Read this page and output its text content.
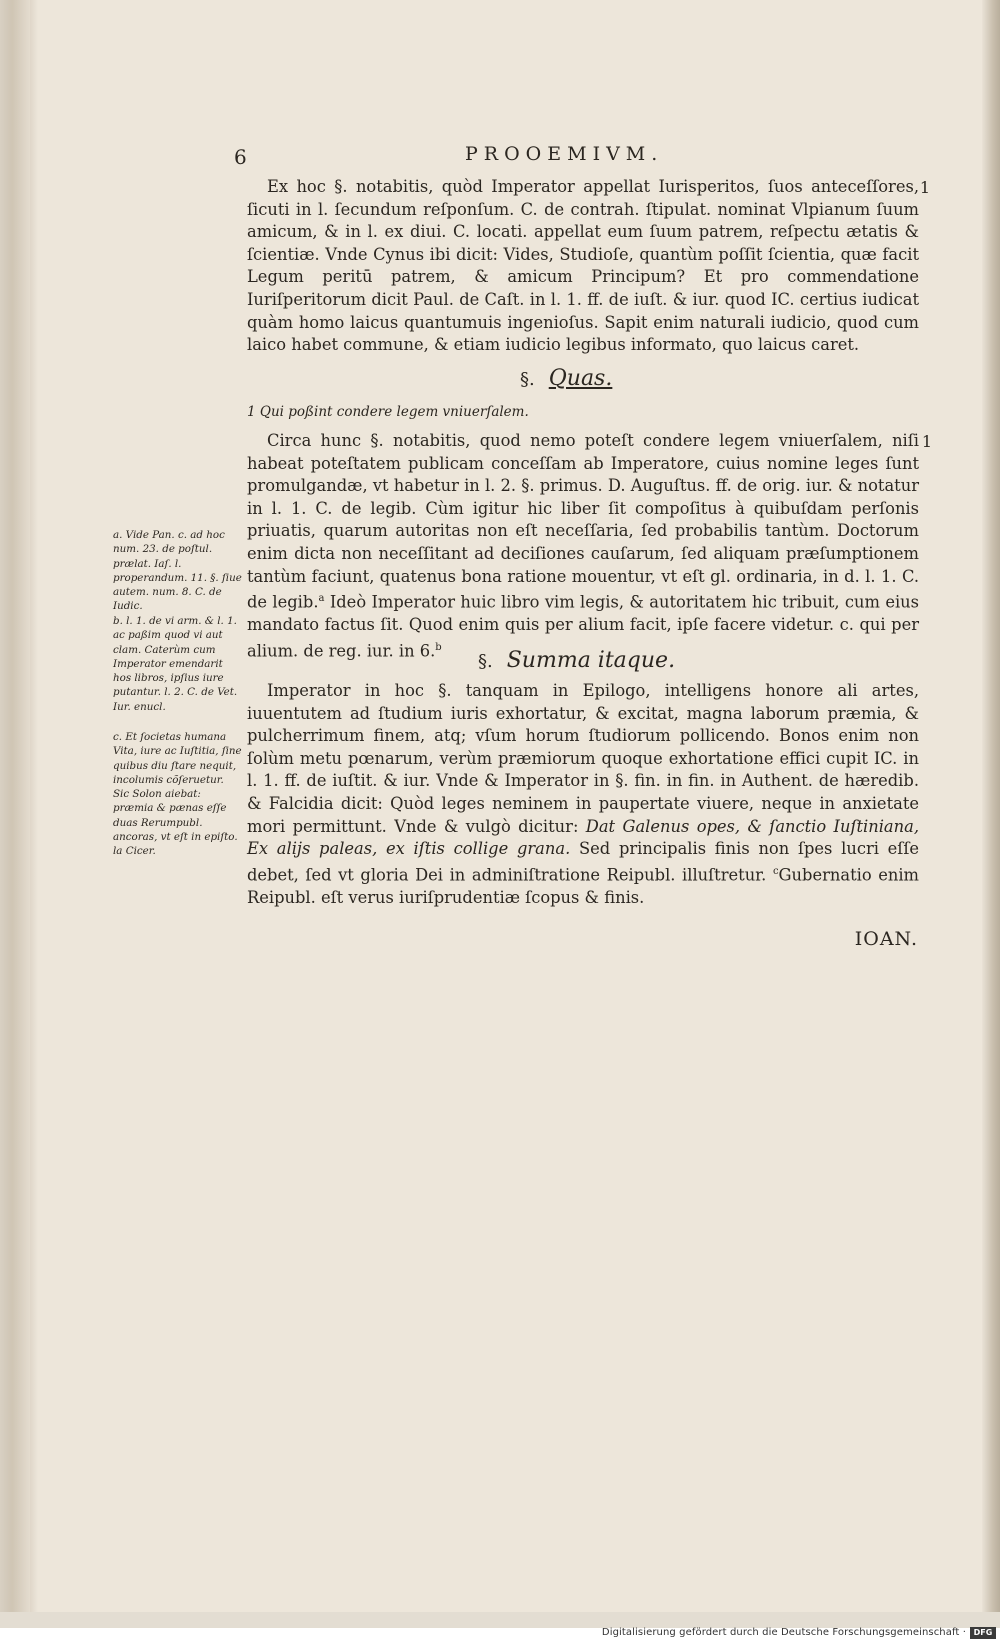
6	PROOEMIVM.

Ex hoc §. notabitis, quòd Imperator appellat Iurisperitos, ſuos anteceſſores, ſicuti in l. ſecundum reſponſum. C. de contrah. ſtipulat. nominat Vlpianum ſuum amicum, & in l. ex diui. C. locati. appellat eum ſuum patrem, reſpectu ætatis & ſcientiæ. Vnde Cynus ibi dicit: Vides, Studioſe, quantùm poſſit ſcientia, quæ facit Legum peritū patrem, & amicum Principum? Et pro commendatione Iuriſperitorum dicit Paul. de Caſt. in l. 1. ff. de iuſt. & iur. quod IC. certius iudicat quàm homo laicus quantumuis ingenioſus. Sapit enim naturali iudicio, quod cum laico habet commune, & etiam iudicio legibus informato, quo laicus caret.

1
§. Quas.
1 Qui poßint condere legem vniuerſalem.

Circa hunc §. notabitis, quod nemo poteſt condere legem vniuerſalem, niſi habeat poteſtatem publicam conceſſam ab Imperatore, cuius nomine leges ſunt promulgandæ, vt habetur in l. 2. §. primus. D. Auguſtus. ff. de orig. iur. & notatur in l. 1. C. de legib. Cùm igitur hic liber ſit compoſitus à quibuſdam perſonis priuatis, quarum autoritas non eſt neceſſaria, ſed probabilis tantùm. Doctorum enim dicta non neceſſitant ad deciſiones cauſarum, ſed aliquam præſumptionem tantùm faciunt, quatenus bona ratione mouentur, vt eſt gl. ordinaria, in d. l. 1. C. de legib.$^a$ Ideò Imperator huic libro vim legis, & autoritatem hic tribuit, cum eius mandato factus ſit. Quod enim quis per alium facit, ipſe facere videtur. c. qui per alium. de reg. iur. in 6.$^b$

1
§. Summa itaque.

Imperator in hoc §. tanquam in Epilogo, intelligens honore ali artes, iuuentutem ad ſtudium iuris exhortatur, & excitat, magna laborum præmia, & pulcherrimum finem, atq; vſum horum ſtudiorum pollicendo. Bonos enim non ſolùm metu pœnarum, verùm præmiorum quoque exhortatione effici cupit IC. in l. 1. ff. de iuſtit. & iur. Vnde & Imperator in §. fin. in fin. in Authent. de hæredib. & Falcidia dicit: Quòd leges neminem in paupertate viuere, neque in anxietate mori permittunt. Vnde & vulgò dicitur: Dat Galenus opes, & ſanctio Iuſtiniana, Ex alijs paleas, ex iſtis collige grana. Sed principalis finis non ſpes lucri eſſe debet, ſed vt gloria Dei in adminiſtratione Reipubl. illuſtretur. $^c$Gubernatio enim Reipubl. eſt verus iuriſprudentiæ ſcopus & finis.

IOAN.
a. Vide Pan. c. ad hoc num. 23. de poſtul. prælat. Iaſ. l. properandum. 11. §. ſiue autem. num. 8. C. de Iudic.
b. l. 1. de vi arm. & l. 1. ac paßim quod vi aut clam. Caterùm cum Imperator emendarit hos libros, ipſius iure putantur. l. 2. C. de Vet. Iur. enucl.
c. Et ſocietas humana Vita, iure ac Iuſtitia, ſine quibus diu ſtare nequit, incolumis cõſeruetur. Sic Solon aiebat: præmia & pænas eſſe duas Rerumpubl. ancoras, vt eſt in epiſto. la Cicer.
Digitalisierung gefördert durch die Deutsche Forschungsgemeinschaft · DFG
